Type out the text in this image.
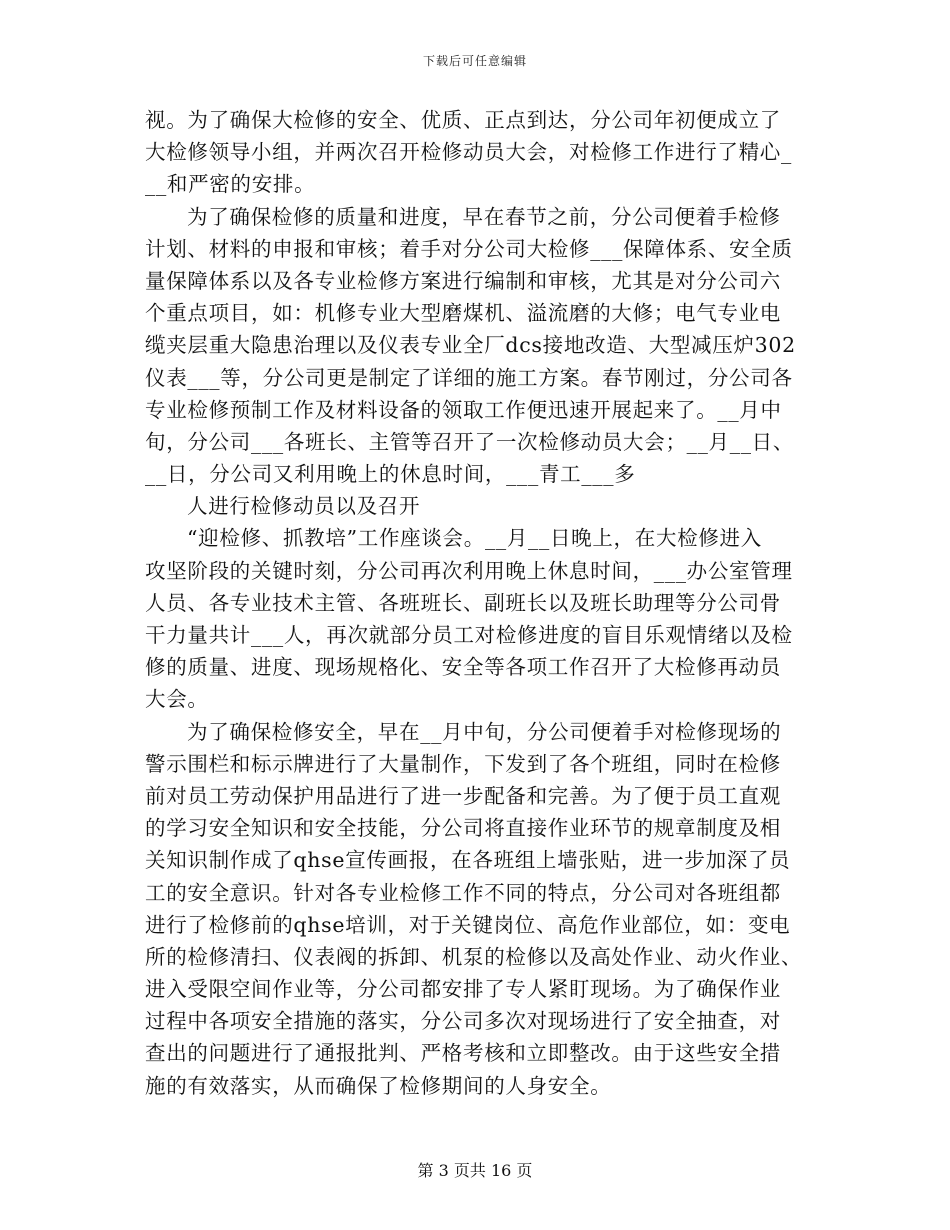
下载后可任意编辑
视。为了确保大检修的安全、优质、正点到达，分公司年初便成立了
大检修领导小组，并两次召开检修动员大会，对检修工作进行了精心_
__和严密的安排。
为了确保检修的质量和进度，早在春节之前，分公司便着手检修
计划、材料的申报和审核；着手对分公司大检修___保障体系、安全质
量保障体系以及各专业检修方案进行编制和审核，尤其是对分公司六
个重点项目，如：机修专业大型磨煤机、溢流磨的大修；电气专业电
缆夹层重大隐患治理以及仪表专业全厂dcs接地改造、大型减压炉302
仪表___等，分公司更是制定了详细的施工方案。春节刚过，分公司各
专业检修预制工作及材料设备的领取工作便迅速开展起来了。__月中
旬，分公司___各班长、主管等召开了一次检修动员大会；__月__日、
__日，分公司又利用晚上的休息时间，___青工___多
人进行检修动员以及召开
“迎检修、抓教培”工作座谈会。__月__日晚上，在大检修进入
攻坚阶段的关键时刻，分公司再次利用晚上休息时间，___办公室管理
人员、各专业技术主管、各班班长、副班长以及班长助理等分公司骨
干力量共计___人，再次就部分员工对检修进度的盲目乐观情绪以及检
修的质量、进度、现场规格化、安全等各项工作召开了大检修再动员
大会。
为了确保检修安全，早在__月中旬，分公司便着手对检修现场的
警示围栏和标示牌进行了大量制作，下发到了各个班组，同时在检修
前对员工劳动保护用品进行了进一步配备和完善。为了便于员工直观
的学习安全知识和安全技能，分公司将直接作业环节的规章制度及相
关知识制作成了qhse宣传画报，在各班组上墙张贴，进一步加深了员
工的安全意识。针对各专业检修工作不同的特点，分公司对各班组都
进行了检修前的qhse培训，对于关键岗位、高危作业部位，如：变电
所的检修清扫、仪表阀的拆卸、机泵的检修以及高处作业、动火作业、
进入受限空间作业等，分公司都安排了专人紧盯现场。为了确保作业
过程中各项安全措施的落实，分公司多次对现场进行了安全抽查，对
查出的问题进行了通报批判、严格考核和立即整改。由于这些安全措
施的有效落实，从而确保了检修期间的人身安全。
第 3 页共 16 页
